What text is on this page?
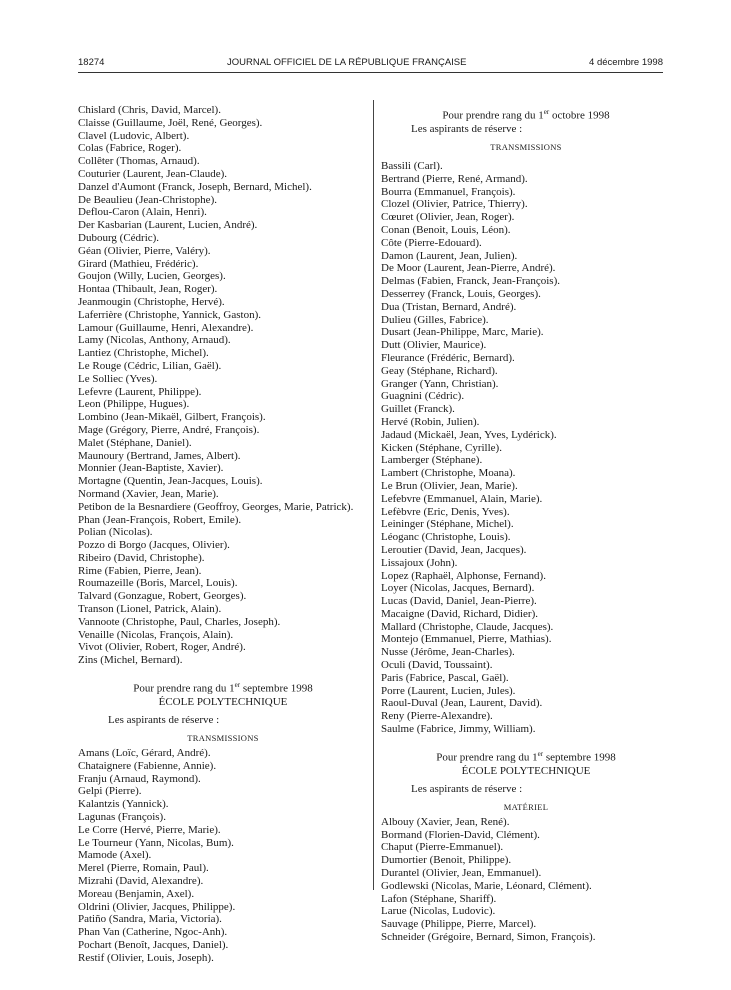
18274	JOURNAL OFFICIEL DE LA RÉPUBLIQUE FRANÇAISE	4 décembre 1998
Chislard (Chris, David, Marcel).
Claisse (Guillaume, Joël, René, Georges).
Clavel (Ludovic, Albert).
Colas (Fabrice, Roger).
Collêter (Thomas, Arnaud).
Couturier (Laurent, Jean-Claude).
Danzel d'Aumont (Franck, Joseph, Bernard, Michel).
De Beaulieu (Jean-Christophe).
Deflou-Caron (Alain, Henri).
Der Kasbarian (Laurent, Lucien, André).
Dubourg (Cédric).
Géan (Olivier, Pierre, Valéry).
Girard (Mathieu, Frédéric).
Goujon (Willy, Lucien, Georges).
Hontaa (Thibault, Jean, Roger).
Jeanmougin (Christophe, Hervé).
Laferrière (Christophe, Yannick, Gaston).
Lamour (Guillaume, Henri, Alexandre).
Lamy (Nicolas, Anthony, Arnaud).
Lantiez (Christophe, Michel).
Le Rouge (Cédric, Lilian, Gaël).
Le Solliec (Yves).
Lefevre (Laurent, Philippe).
Leon (Philippe, Hugues).
Lombino (Jean-Mikaël, Gilbert, François).
Mage (Grégory, Pierre, André, François).
Malet (Stéphane, Daniel).
Maunoury (Bertrand, James, Albert).
Monnier (Jean-Baptiste, Xavier).
Mortagne (Quentin, Jean-Jacques, Louis).
Normand (Xavier, Jean, Marie).
Petibon de la Besnardiere (Geoffroy, Georges, Marie, Patrick).
Phan (Jean-François, Robert, Emile).
Polian (Nicolas).
Pozzo di Borgo (Jacques, Olivier).
Ribeiro (David, Christophe).
Rime (Fabien, Pierre, Jean).
Roumazeille (Boris, Marcel, Louis).
Talvard (Gonzague, Robert, Georges).
Transon (Lionel, Patrick, Alain).
Vannoote (Christophe, Paul, Charles, Joseph).
Venaille (Nicolas, François, Alain).
Vivot (Olivier, Robert, Roger, André).
Zins (Michel, Bernard).
Pour prendre rang du 1er septembre 1998
ÉCOLE POLYTECHNIQUE
Les aspirants de réserve :
TRANSMISSIONS
Amans (Loïc, Gérard, André).
Chataignere (Fabienne, Annie).
Franju (Arnaud, Raymond).
Gelpi (Pierre).
Kalantzis (Yannick).
Lagunas (François).
Le Corre (Hervé, Pierre, Marie).
Le Tourneur (Yann, Nicolas, Bum).
Mamode (Axel).
Merel (Pierre, Romain, Paul).
Mizrahi (David, Alexandre).
Moreau (Benjamin, Axel).
Oldrini (Olivier, Jacques, Philippe).
Patiño (Sandra, Maria, Victoria).
Phan Van (Catherine, Ngoc-Anh).
Pochart (Benoît, Jacques, Daniel).
Restif (Olivier, Louis, Joseph).
Pour prendre rang du 1er octobre 1998
Les aspirants de réserve :
TRANSMISSIONS
Bassili (Carl).
Bertrand (Pierre, René, Armand).
Bourra (Emmanuel, François).
Clozel (Olivier, Patrice, Thierry).
Cœuret (Olivier, Jean, Roger).
Conan (Benoit, Louis, Léon).
Côte (Pierre-Edouard).
Damon (Laurent, Jean, Julien).
De Moor (Laurent, Jean-Pierre, André).
Delmas (Fabien, Franck, Jean-François).
Desserrey (Franck, Louis, Georges).
Dua (Tristan, Bernard, André).
Dulieu (Gilles, Fabrice).
Dusart (Jean-Philippe, Marc, Marie).
Dutt (Olivier, Maurice).
Fleurance (Frédéric, Bernard).
Geay (Stéphane, Richard).
Granger (Yann, Christian).
Guagnini (Cédric).
Guillet (Franck).
Hervé (Robin, Julien).
Jadaud (Mickaël, Jean, Yves, Lydérick).
Kicken (Stéphane, Cyrille).
Lamberger (Stéphane).
Lambert (Christophe, Moana).
Le Brun (Olivier, Jean, Marie).
Lefebvre (Emmanuel, Alain, Marie).
Lefèbvre (Eric, Denis, Yves).
Leininger (Stéphane, Michel).
Léoganc (Christophe, Louis).
Leroutier (David, Jean, Jacques).
Lissajoux (John).
Lopez (Raphaël, Alphonse, Fernand).
Loyer (Nicolas, Jacques, Bernard).
Lucas (David, Daniel, Jean-Pierre).
Macaigne (David, Richard, Didier).
Mallard (Christophe, Claude, Jacques).
Montejo (Emmanuel, Pierre, Mathias).
Nusse (Jérôme, Jean-Charles).
Oculi (David, Toussaint).
Paris (Fabrice, Pascal, Gaël).
Porre (Laurent, Lucien, Jules).
Raoul-Duval (Jean, Laurent, David).
Reny (Pierre-Alexandre).
Saulme (Fabrice, Jimmy, William).
Pour prendre rang du 1er septembre 1998
ÉCOLE POLYTECHNIQUE
Les aspirants de réserve :
MATÉRIEL
Albouy (Xavier, Jean, René).
Bormand (Florien-David, Clément).
Chaput (Pierre-Emmanuel).
Dumortier (Benoit, Philippe).
Durantel (Olivier, Jean, Emmanuel).
Godlewski (Nicolas, Marie, Léonard, Clément).
Lafon (Stéphane, Shariff).
Larue (Nicolas, Ludovic).
Sauvage (Philippe, Pierre, Marcel).
Schneider (Grégoire, Bernard, Simon, François).
